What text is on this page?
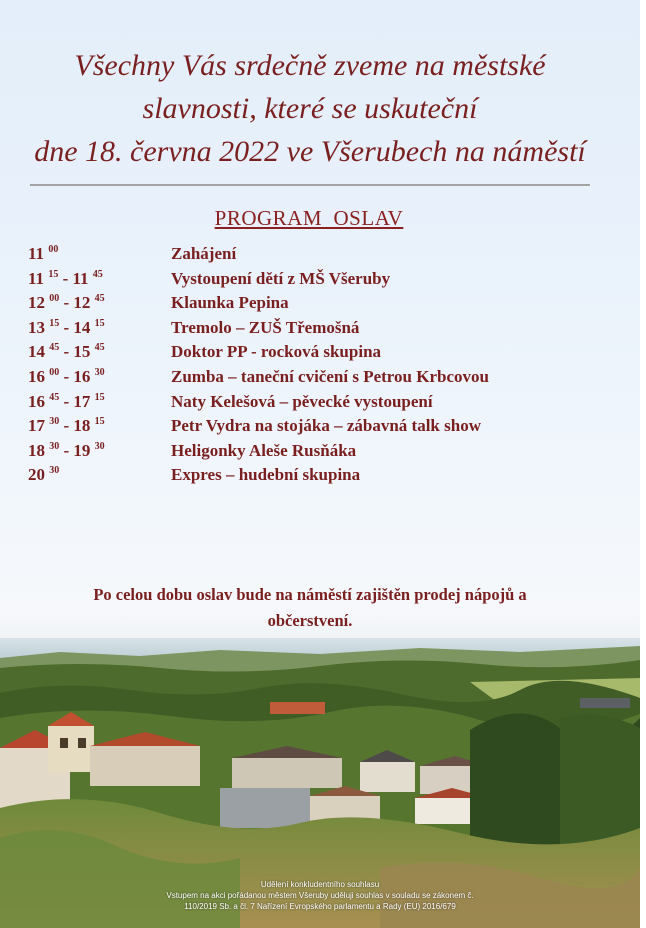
Všechny Vás srdečně zveme na městské
slavnosti, které se uskuteční
dne 18. června 2022 ve Všerubech na náměstí
PROGRAM  OSLAV
11 $^{00}$	Zahájení
11 $^{15}$ - 11 $^{45}$	Vystoupení dětí z MŠ Všeruby
12 $^{00}$ - 12 $^{45}$	Klaunka Pepina
13 $^{15}$ - 14 $^{15}$	Tremolo – ZUŠ Třemošná
14 $^{45}$ - 15 $^{45}$	Doktor PP - rocková skupina
16 $^{00}$ - 16 $^{30}$	Zumba – taneční cvičení s Petrou Krbcovou
16 $^{45}$ - 17 $^{15}$	Naty Kelešová – pěvecké vystoupení
17 $^{30}$ - 18 $^{15}$	Petr Vydra na stojáka – zábavná talk show
18 $^{30}$ - 19 $^{30}$	Heligonky Aleše Rusňáka
20 $^{30}$	Expres – hudební skupina
Po celou dobu oslav bude na náměstí zajištěn prodej nápojů a
občerstvení.
Udělení konkludentního souhlasu
Vstupem na akci pořádanou městem Všeruby uděluji souhlas v souladu se zákonem č.
110/2019 Sb. a čl. 7 Nařízení Evropského parlamentu a Rady (EU) 2016/679
